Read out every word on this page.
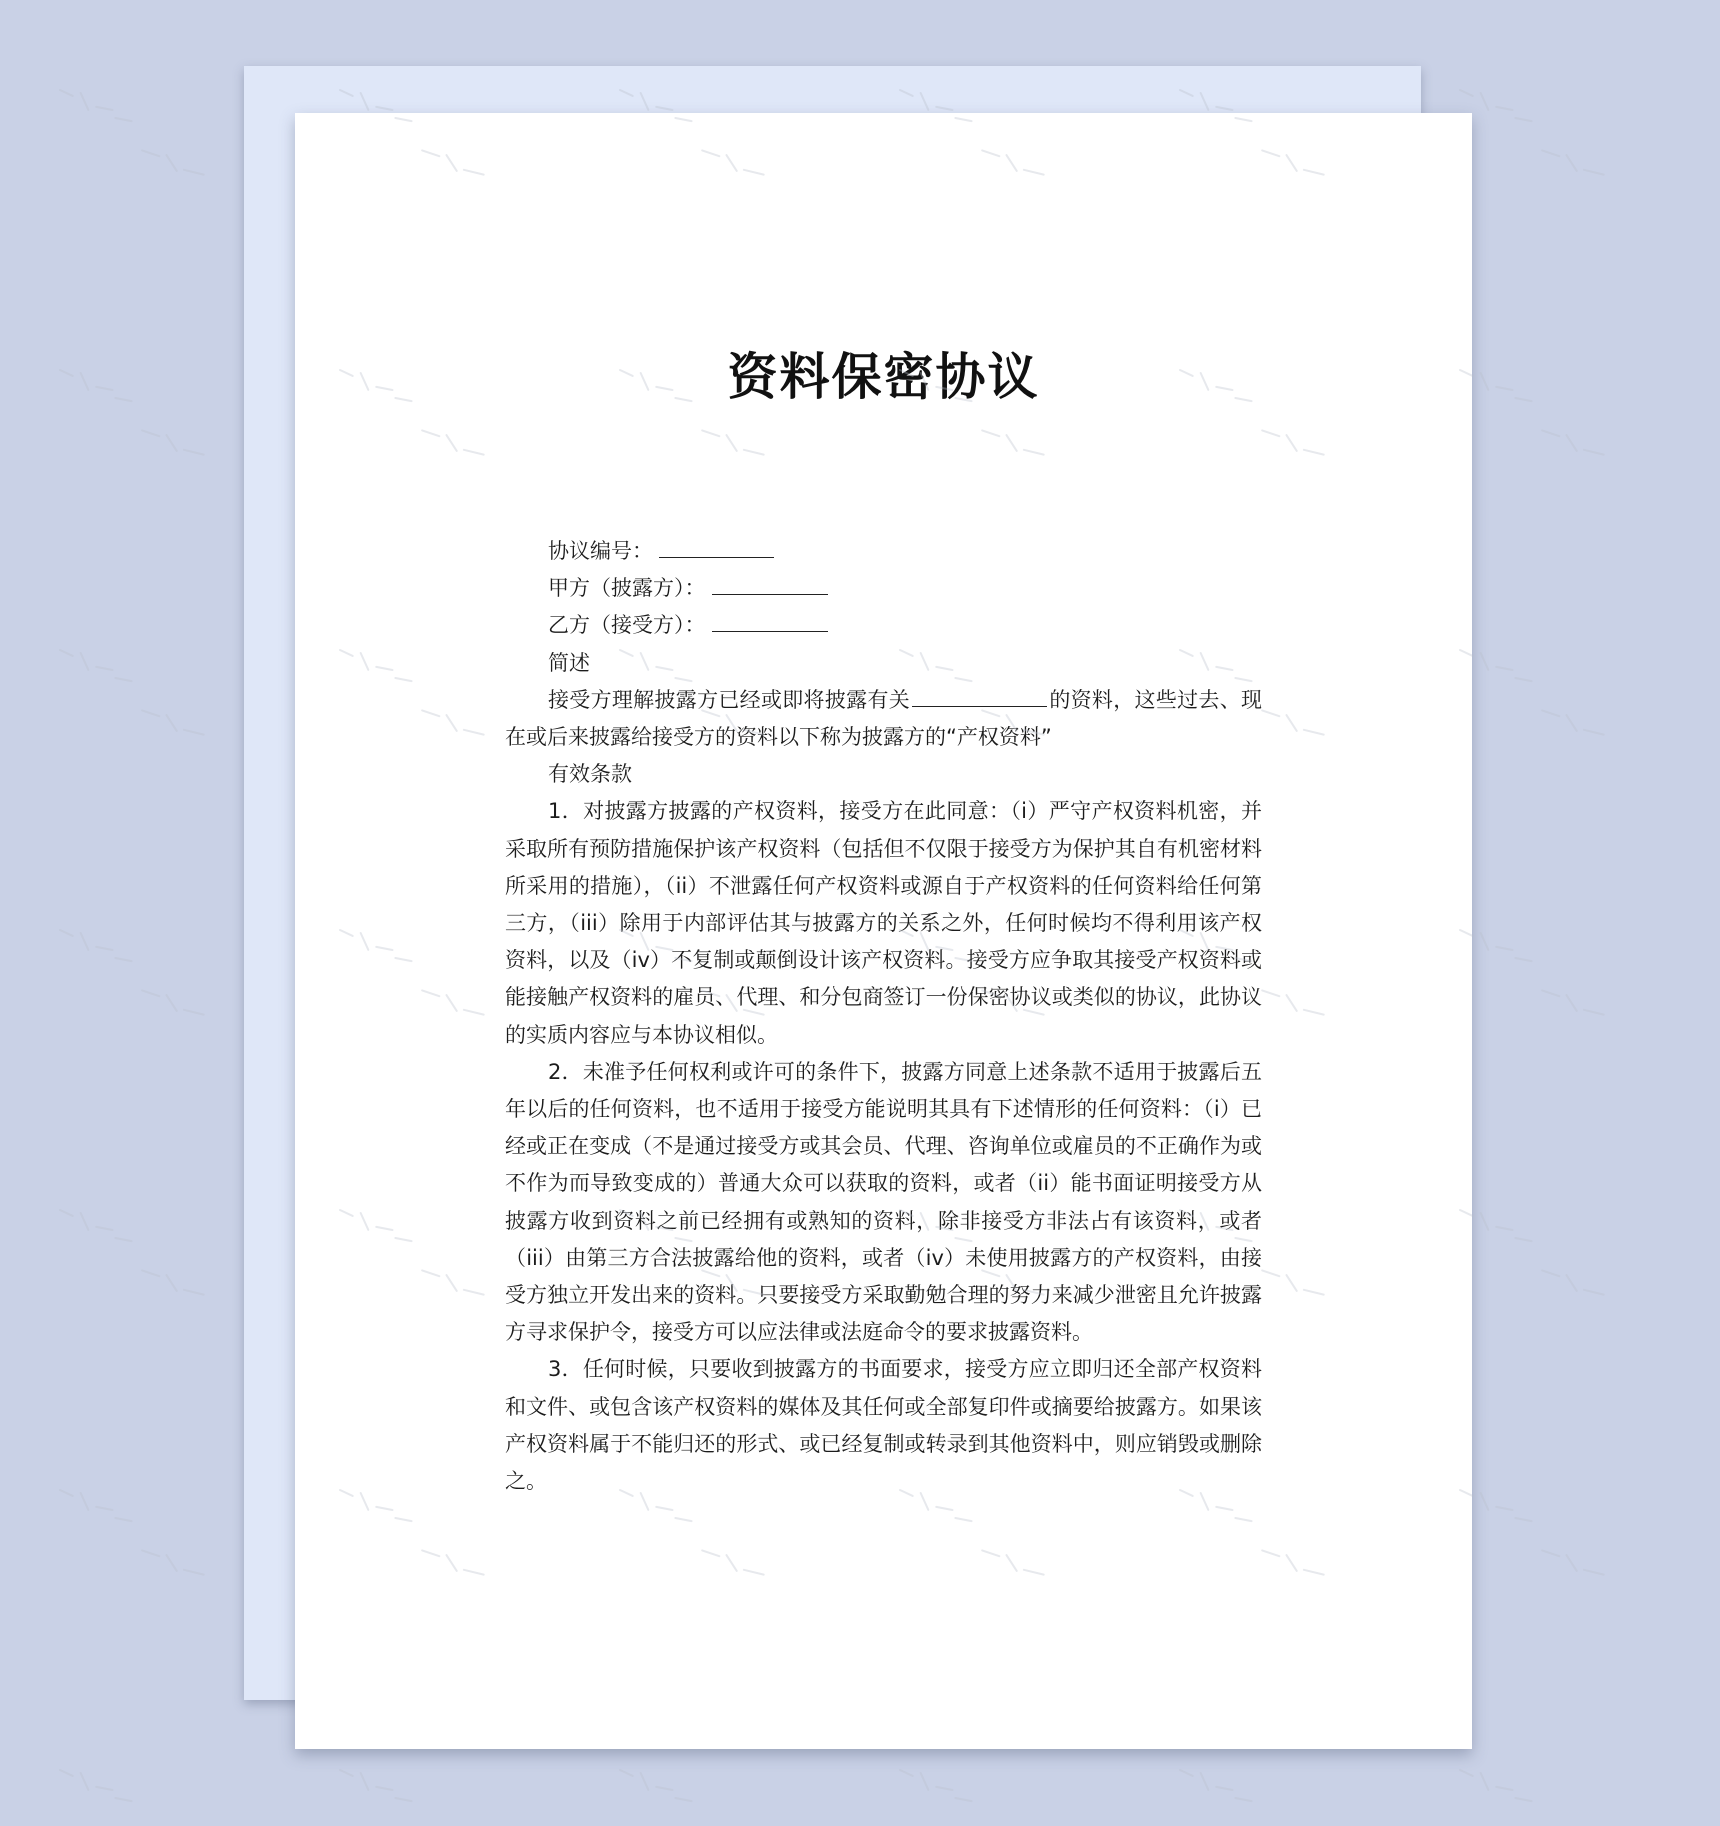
资料保密协议

协议编号：

甲方（披露方）：

乙方（接受方）：

简述

接受方理解披露方已经或即将披露有关	的资料，这些过去、现在或后来披露给接受方的资料以下称为披露方的“产权资料”

有效条款

1．对披露方披露的产权资料，接受方在此同意：（i）严守产权资料机密，并采取所有预防措施保护该产权资料（包括但不仅限于接受方为保护其自有机密材料所采用的措施），（ii）不泄露任何产权资料或源自于产权资料的任何资料给任何第三方，（iii）除用于内部评估其与披露方的关系之外，任何时候均不得利用该产权资料，以及（iv）不复制或颠倒设计该产权资料。接受方应争取其接受产权资料或能接触产权资料的雇员、代理、和分包商签订一份保密协议或类似的协议，此协议的实质内容应与本协议相似。

2．未准予任何权利或许可的条件下，披露方同意上述条款不适用于披露后五年以后的任何资料，也不适用于接受方能说明其具有下述情形的任何资料：（i）已经或正在变成（不是通过接受方或其会员、代理、咨询单位或雇员的不正确作为或不作为而导致变成的）普通大众可以获取的资料，或者（ii）能书面证明接受方从披露方收到资料之前已经拥有或熟知的资料，除非接受方非法占有该资料，或者（iii）由第三方合法披露给他的资料，或者（iv）未使用披露方的产权资料，由接受方独立开发出来的资料。只要接受方采取勤勉合理的努力来减少泄密且允许披露方寻求保护令，接受方可以应法律或法庭命令的要求披露资料。

3．任何时候，只要收到披露方的书面要求，接受方应立即归还全部产权资料和文件、或包含该产权资料的媒体及其任何或全部复印件或摘要给披露方。如果该产权资料属于不能归还的形式、或已经复制或转录到其他资料中，则应销毁或删除之。
